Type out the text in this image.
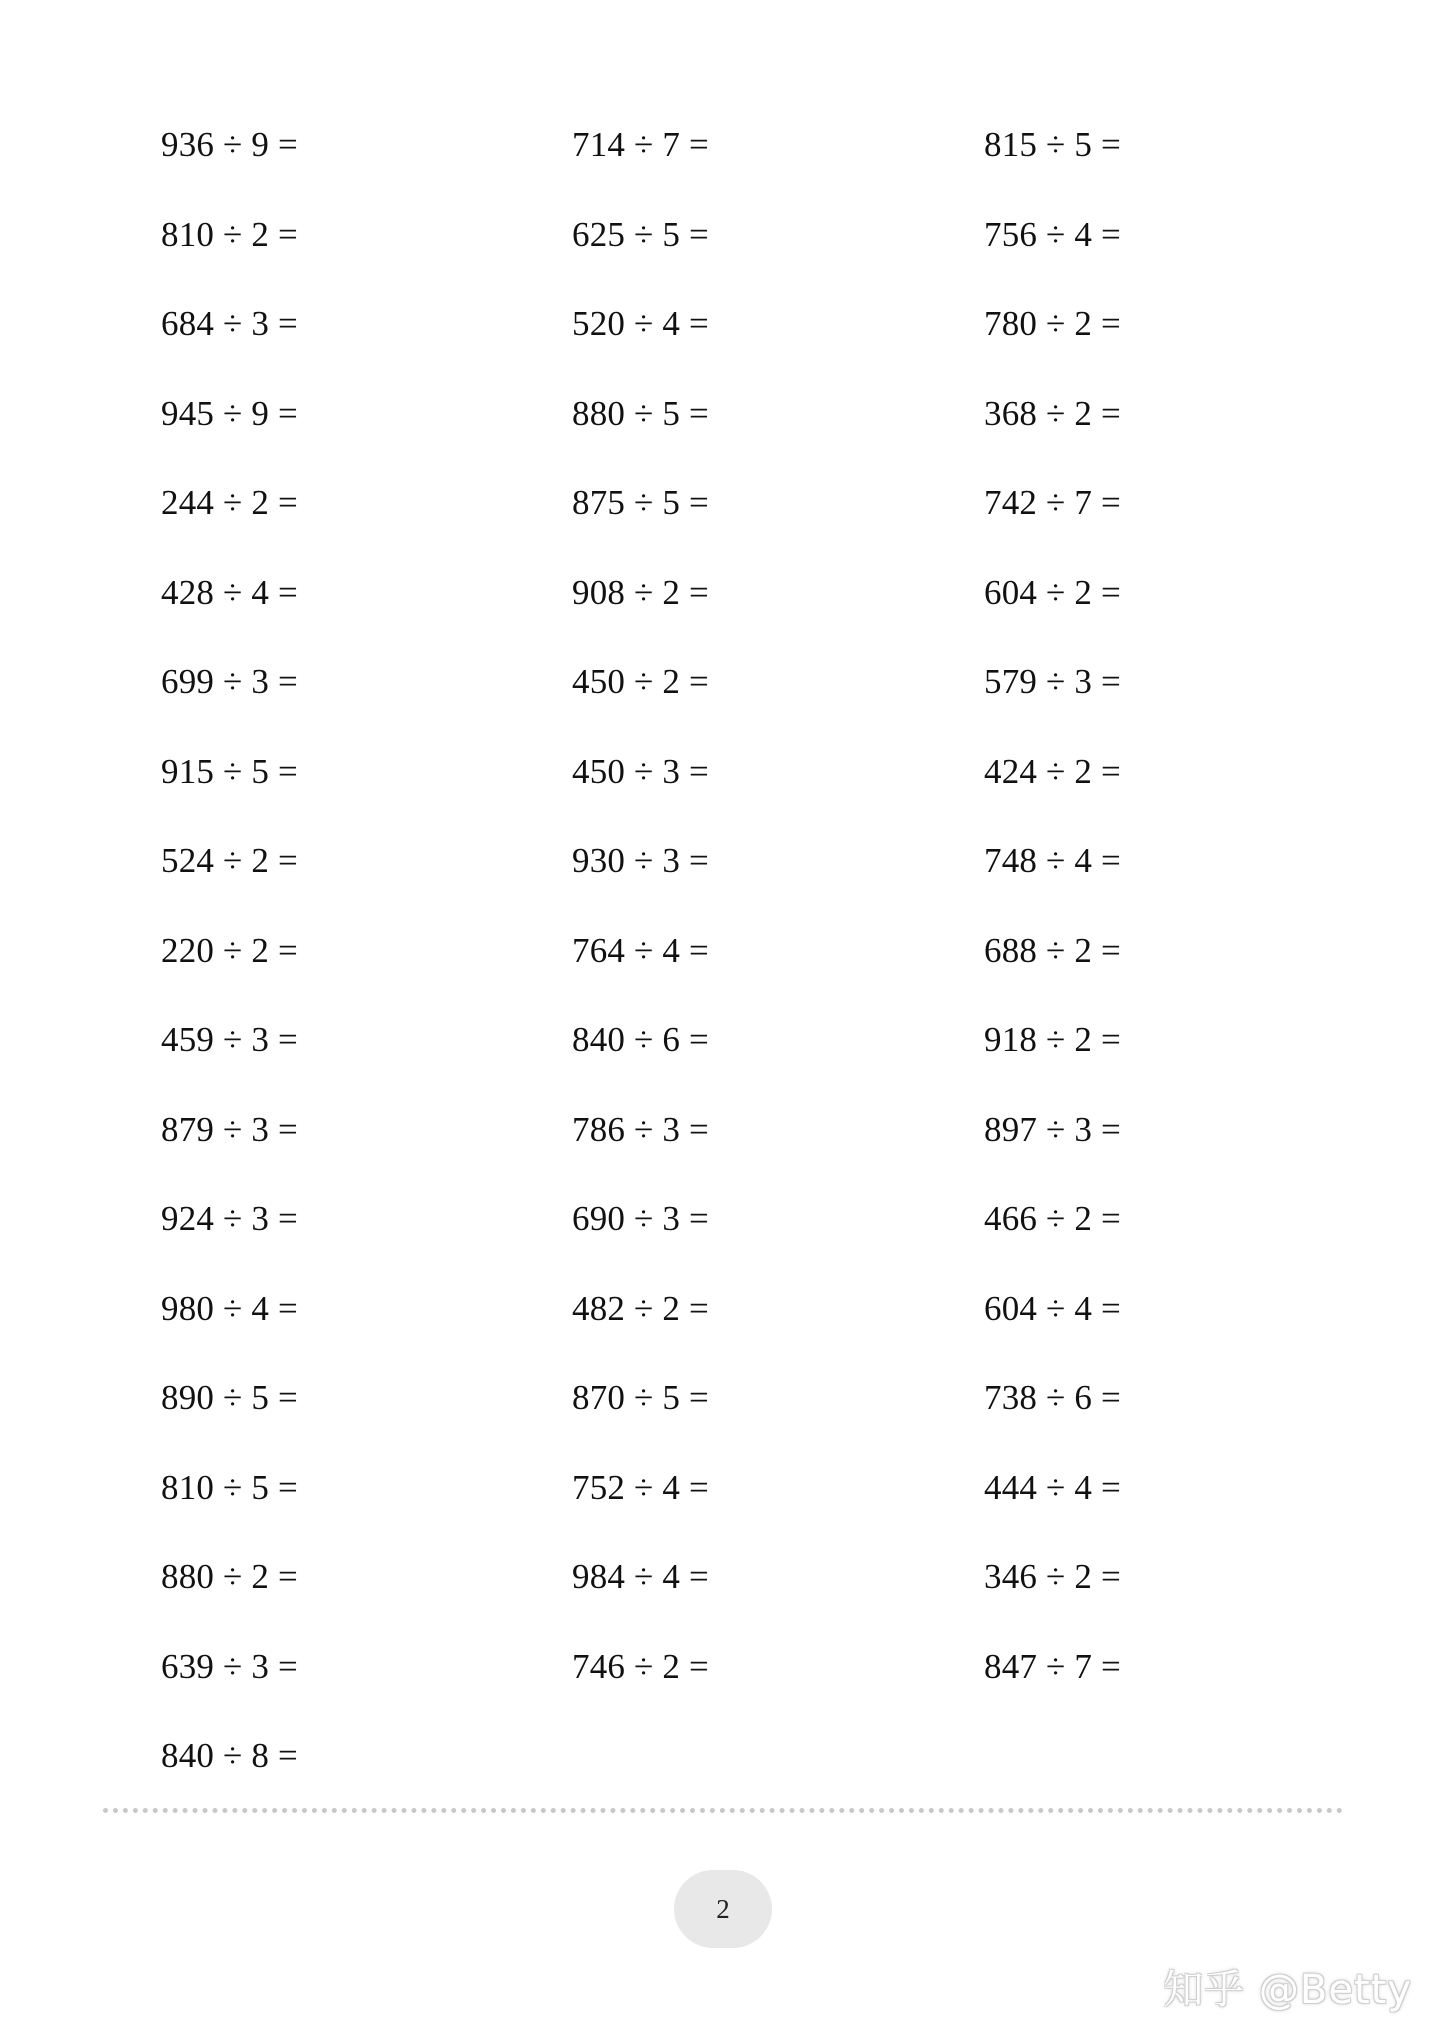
936 ÷ 9 =
810 ÷ 2 =
684 ÷ 3 =
945 ÷ 9 =
244 ÷ 2 =
428 ÷ 4 =
699 ÷ 3 =
915 ÷ 5 =
524 ÷ 2 =
220 ÷ 2 =
459 ÷ 3 =
879 ÷ 3 =
924 ÷ 3 =
980 ÷ 4 =
890 ÷ 5 =
810 ÷ 5 =
880 ÷ 2 =
639 ÷ 3 =
840 ÷ 8 =
714 ÷ 7 =
625 ÷ 5 =
520 ÷ 4 =
880 ÷ 5 =
875 ÷ 5 =
908 ÷ 2 =
450 ÷ 2 =
450 ÷ 3 =
930 ÷ 3 =
764 ÷ 4 =
840 ÷ 6 =
786 ÷ 3 =
690 ÷ 3 =
482 ÷ 2 =
870 ÷ 5 =
752 ÷ 4 =
984 ÷ 4 =
746 ÷ 2 =
815 ÷ 5 =
756 ÷ 4 =
780 ÷ 2 =
368 ÷ 2 =
742 ÷ 7 =
604 ÷ 2 =
579 ÷ 3 =
424 ÷ 2 =
748 ÷ 4 =
688 ÷ 2 =
918 ÷ 2 =
897 ÷ 3 =
466 ÷ 2 =
604 ÷ 4 =
738 ÷ 6 =
444 ÷ 4 =
346 ÷ 2 =
847 ÷ 7 =
2
知乎 @Betty
